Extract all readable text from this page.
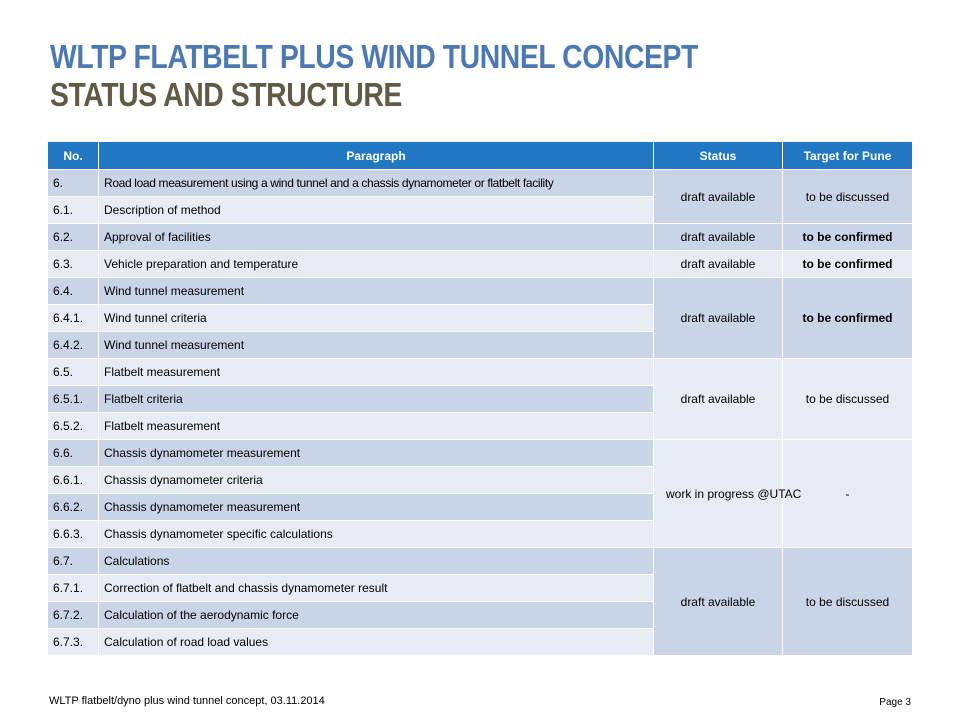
WLTP FLATBELT PLUS WIND TUNNEL CONCEPT
STATUS AND STRUCTURE
No.	Paragraph	Status	Target for Pune
6.	Road load measurement using a wind tunnel and a chassis dynamometer or flatbelt facility	draft available	to be discussed
6.1.	Description of method		
6.2.	Approval of facilities	draft available	to be confirmed
6.3.	Vehicle preparation and temperature	draft available	to be confirmed
6.4.	Wind tunnel measurement	draft available	to be confirmed
6.4.1.	Wind tunnel criteria		
6.4.2.	Wind tunnel measurement		
6.5.	Flatbelt measurement	draft available	to be discussed
6.5.1.	Flatbelt criteria		
6.5.2.	Flatbelt measurement		
6.6.	Chassis dynamometer measurement	work in progress @UTAC	-
6.6.1.	Chassis dynamometer criteria		
6.6.2.	Chassis dynamometer measurement		
6.6.3.	Chassis dynamometer specific calculations		
6.7.	Calculations	draft available	to be discussed
6.7.1.	Correction of flatbelt and chassis dynamometer result		
6.7.2.	Calculation of the aerodynamic force		
6.7.3.	Calculation of road load values		
WLTP flatbelt/dyno plus wind tunnel concept, 03.11.2014	Page 3
